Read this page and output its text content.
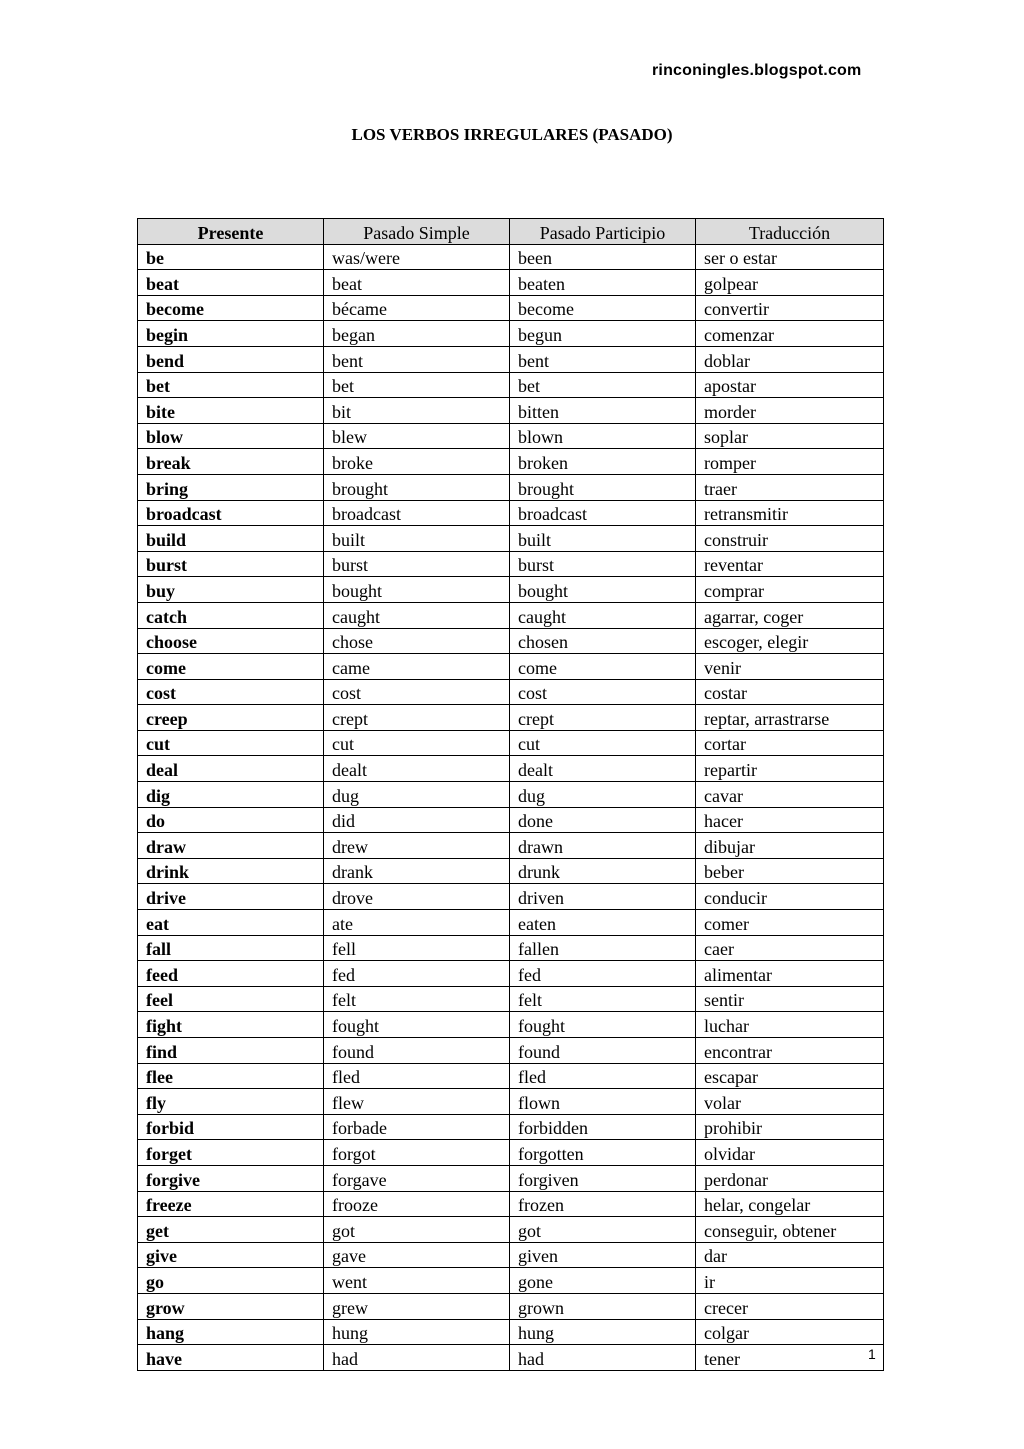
rinconingles.blogspot.com

LOS VERBOS IRREGULARES (PASADO)
Presente	Pasado Simple	Pasado Participio	Traducción
be	was/were	been	ser o estar
beat	beat	beaten	golpear
become	bécame	become	convertir
begin	began	begun	comenzar
bend	bent	bent	doblar
bet	bet	bet	apostar
bite	bit	bitten	morder
blow	blew	blown	soplar
break	broke	broken	romper
bring	brought	brought	traer
broadcast	broadcast	broadcast	retransmitir
build	built	built	construir
burst	burst	burst	reventar
buy	bought	bought	comprar
catch	caught	caught	agarrar, coger
choose	chose	chosen	escoger, elegir
come	came	come	venir
cost	cost	cost	costar
creep	crept	crept	reptar, arrastrarse
cut	cut	cut	cortar
deal	dealt	dealt	repartir
dig	dug	dug	cavar
do	did	done	hacer
draw	drew	drawn	dibujar
drink	drank	drunk	beber
drive	drove	driven	conducir
eat	ate	eaten	comer
fall	fell	fallen	caer
feed	fed	fed	alimentar
feel	felt	felt	sentir
fight	fought	fought	luchar
find	found	found	encontrar
flee	fled	fled	escapar
fly	flew	flown	volar
forbid	forbade	forbidden	prohibir
forget	forgot	forgotten	olvidar
forgive	forgave	forgiven	perdonar
freeze	frooze	frozen	helar, congelar
get	got	got	conseguir, obtener
give	gave	given	dar
go	went	gone	ir
grow	grew	grown	crecer
hang	hung	hung	colgar
have	had	had	tener	1
